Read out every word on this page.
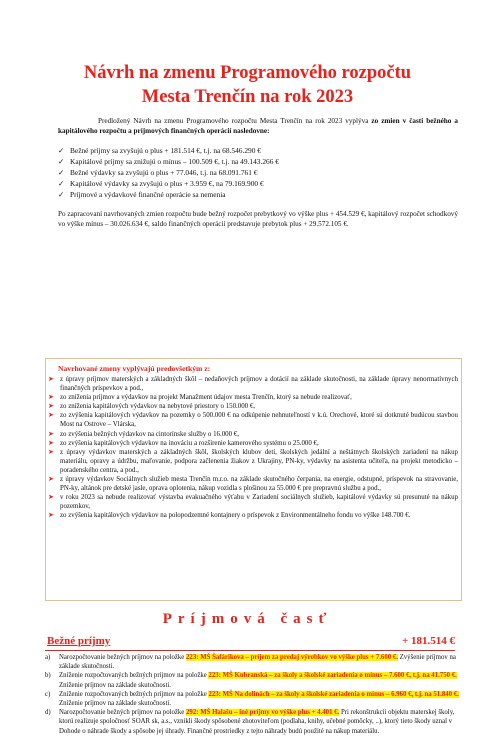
Návrh na zmenu Programového rozpočtu
Mesta Trenčín na rok 2023
Predložený Návrh na zmenu Programového rozpočtu Mesta Trenčín na rok 2023 vyplýva zo zmien v časti bežného a kapitálového rozpočtu a príjmových finančných operácií nasledovne:
✓ Bežné príjmy sa zvyšujú o plus + 181.514 €, t.j. na 68.546.290 €
✓ Kapitálové príjmy sa znižujú o mínus – 100.509 €, t.j. na 49.143.266 €
✓ Bežné výdavky sa zvyšujú o plus + 77.046, t.j. na 68.091.761 €
✓ Kapitálové výdavky sa zvyšujú o plus + 3.959 €, na 79.169.900 €
✓ Príjmové a výdavkové finančné operácie sa nemenia
Po zapracovaní navrhovaných zmien rozpočtu bude bežný rozpočet prebytkový vo výške plus + 454.529 €, kapitálový rozpočet schodkový vo výške mínus – 30.026.634 €, saldo finančných operácií predstavuje prebytok plus + 29.572.105 €.
Navrhované zmeny vyplývajú predovšetkým z:
➤ z úpravy príjmov materských a základných škôl – nedaňových príjmov a dotácií na základe skutočnosti, na základe úpravy nenormatívnych finančných príspevkov a pod.,
➤ zo zníženia príjmov a výdavkov na projekt Manažment údajov mesta Trenčín, ktorý sa nebude realizovať,
➤ zo zníženia kapitálových výdavkov na nebytové priestory o 150.000 €,
➤ zo zvýšenia kapitálových výdavkov na pozemky o 500.000 € na odkúpenie nehnuteľností v k.ú. Orechové, ktoré sú dotknuté budúcou stavbou Most na Ostrove – Vlárska,
➤ zo zvýšenia bežných výdavkov na cintorínske služby o 16.000 €,
➤ zo zvýšenia kapitálových výdavkov na inováciu a rozšírenie kamerového systému o 25.000 €,
➤ z úpravy výdavkov materských a základných škôl, školských klubov detí, školských jedální a neštátnych školských zariadení na nákup materiálu, opravy a údržbu, maľovanie, podpora začlenenia žiakov z Ukrajiny, PN-ky, výdavky na asistenta učiteľa, na projekt metodicko – poradenského centra, a pod.,
➤ z úpravy výdavkov Sociálnych služieb mesta Trenčín m.r.o. na základe skutočného čerpania, na energie, odstupné, príspevok na stravovanie, PN-ky, altánok pre detské jasle, oprava oplotenia, nákup vozidla s plošinou za 55.000 € pre prepravnú službu a pod.,
➤ v roku 2023 sa nebude realizovať výstavba evakuačného výťahu v Zariadení sociálnych služieb, kapitálové výdavky sú presunuté na nákup pozemkov,
➤ zo zvýšenia kapitálových výdavkov na polopodzemné kontajnery o príspevok z Environmentálneho fondu vo výške 148.700 €.
Príjmová časť
Bežné príjmy	+ 181.514 €
a)	Narozpočtovanie bežných príjmov na položke 223: MŠ Šafárikova – príjem za predaj výrobkov vo výške plus + 7.600 €. Zvýšenie príjmov na základe skutočnosti.
b)	Zníženie rozpočtovaných bežných príjmov na položke 223: MŠ Kubranská – za školy a školské zariadenia o mínus – 7.600 €, t.j. na 41.750 €. Zníženie príjmov na základe skutočnosti.
c)	Zníženie rozpočtovaných bežných príjmov na položke 223: MŠ Na dolinách – za školy a školské zariadenia o mínus – 6.960 €, t.j. na 51.840 €. Zníženie príjmov na základe skutočnosti.
d)	Narozpočtovanie bežných príjmov na položke 292: MŠ Halašu – iné príjmy vo výške plus + 4.401 €. Pri rekonštrukcii objektu materskej školy, ktorú realizuje spoločnosť SOAR sk, a.s., vznikli škody spôsobené zhotoviteľom (podlaha, knihy, učebné pomôcky, ..), ktorý tieto škody uznal v Dohode o náhrade škody a spôsobe jej úhrady. Finančné prostriedky z tejto náhrady budú použité na nákup materiálu.
